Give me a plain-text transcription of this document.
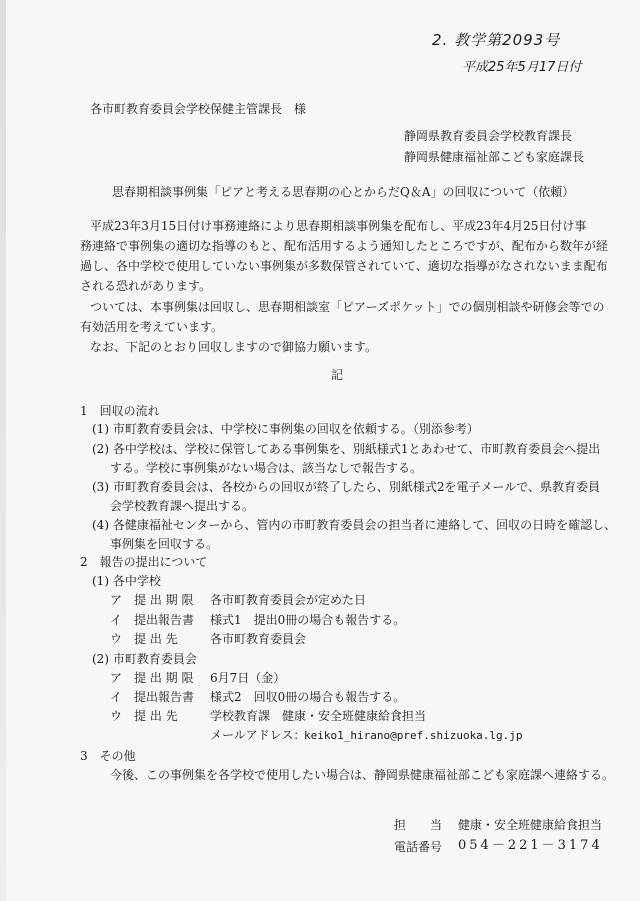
2. 教学第2093号
平成25年5月17日付
各市町教育委員会学校保健主管課長　様
静岡県教育委員会学校教育課長
静岡県健康福祉部こども家庭課長
思春期相談事例集「ピアと考える思春期の心とからだQ＆A」の回収について（依頼）
平成23年3月15日付け事務連絡により思春期相談事例集を配布し、平成23年4月25日付け事
務連絡で事例集の適切な指導のもと、配布活用するよう通知したところですが、配布から数年が経
過し、各中学校で使用していない事例集が多数保管されていて、適切な指導がなされないまま配布
される恐れがあります。
ついては、本事例集は回収し、思春期相談室「ピアーズポケット」での個別相談や研修会等での
有効活用を考えています。
なお、下記のとおり回収しますので御協力願います。
記
1　回収の流れ
(1) 市町教育委員会は、中学校に事例集の回収を依頼する。（別添参考）
(2) 各中学校は、学校に保管してある事例集を、別紙様式1とあわせて、市町教育委員会へ提出
する。学校に事例集がない場合は、該当なしで報告する。
(3) 市町教育委員会は、各校からの回収が終了したら、別紙様式2を電子メールで、県教育委員
会学校教育課へ提出する。
(4) 各健康福祉センターから、管内の市町教育委員会の担当者に連絡して、回収の日時を確認し、
事例集を回収する。
2　報告の提出について
(1) 各中学校
ア　提 出 期 限 各市町教育委員会が定めた日
イ　提出報告書 様式1　提出0冊の場合も報告する。
ウ　提 出 先	各市町教育委員会
(2) 市町教育委員会
ア　提 出 期 限 6月7日（金）
イ　提出報告書 様式2　回収0冊の場合も報告する。
ウ　提 出 先	学校教育課　健康・安全班健康給食担当
メールアドレス：
keiko1_hirano@pref.shizuoka.lg.jp
3　その他
今後、この事例集を各学校で使用したい場合は、静岡県健康福祉部こども家庭課へ連絡する。
担　　当 健康・安全班健康給食担当
電話番号 054－221－3174
